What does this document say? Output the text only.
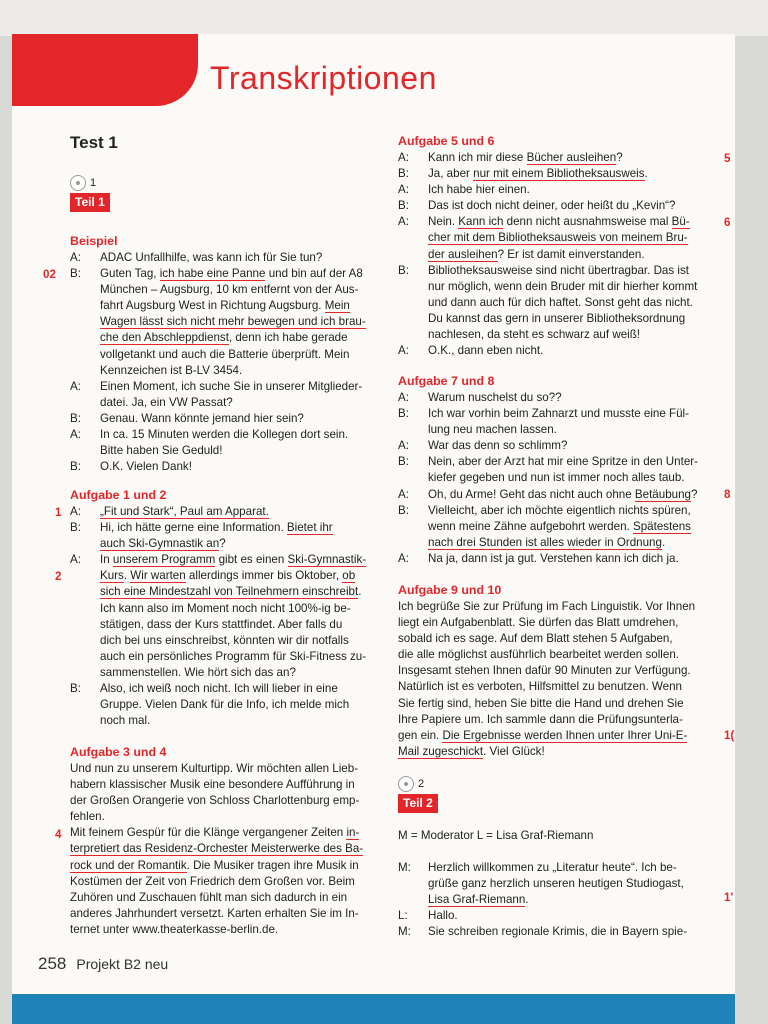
Transkriptionen
02
1
2
4
5
6
8
1(
1'
Test 1
1
Teil 1
Beispiel
A: ADAC Unfallhilfe, was kann ich für Sie tun?
B: Guten Tag, ich habe eine Panne und bin auf der A8
München – Augsburg, 10 km entfernt von der Aus-
fahrt Augsburg West in Richtung Augsburg. Mein
Wagen lässt sich nicht mehr bewegen und ich brau-
che den Abschleppdienst, denn ich habe gerade
vollgetankt und auch die Batterie überprüft. Mein
Kennzeichen ist B-LV 3454.
A: Einen Moment, ich suche Sie in unserer Mitglieder-
datei. Ja, ein VW Passat?
B: Genau. Wann könnte jemand hier sein?
A: In ca. 15 Minuten werden die Kollegen dort sein.
Bitte haben Sie Geduld!
B: O.K. Vielen Dank!
Aufgabe 1 und 2
A: „Fit und Stark“, Paul am Apparat.
B: Hi, ich hätte gerne eine Information. Bietet ihr
auch Ski-Gymnastik an?
A: In unserem Programm gibt es einen Ski-Gymnastik-
Kurs. Wir warten allerdings immer bis Oktober, ob
sich eine Mindestzahl von Teilnehmern einschreibt.
Ich kann also im Moment noch nicht 100%-ig be-
stätigen, dass der Kurs stattfindet. Aber falls du
dich bei uns einschreibst, könnten wir dir notfalls
auch ein persönliches Programm für Ski-Fitness zu-
sammenstellen. Wie hört sich das an?
B: Also, ich weiß noch nicht. Ich will lieber in eine
Gruppe. Vielen Dank für die Info, ich melde mich
noch mal.
Aufgabe 3 und 4
Und nun zu unserem Kulturtipp. Wir möchten allen Lieb-
habern klassischer Musik eine besondere Aufführung in
der Großen Orangerie von Schloss Charlottenburg emp-
fehlen.
Mit feinem Gespür für die Klänge vergangener Zeiten in-
terpretiert das Residenz-Orchester Meisterwerke des Ba-
rock und der Romantik. Die Musiker tragen ihre Musik in
Kostümen der Zeit von Friedrich dem Großen vor. Beim
Zuhören und Zuschauen fühlt man sich dadurch in ein
anderes Jahrhundert versetzt. Karten erhalten Sie im In-
ternet unter www.theaterkasse-berlin.de.
Aufgabe 5 und 6
A: Kann ich mir diese Bücher ausleihen?
B: Ja, aber nur mit einem Bibliotheksausweis.
A: Ich habe hier einen.
B: Das ist doch nicht deiner, oder heißt du „Kevin“?
A: Nein. Kann ich denn nicht ausnahmsweise mal Bü-
cher mit dem Bibliotheksausweis von meinem Bru-
der ausleihen? Er ist damit einverstanden.
B: Bibliotheksausweise sind nicht übertragbar. Das ist
nur möglich, wenn dein Bruder mit dir hierher kommt
und dann auch für dich haftet. Sonst geht das nicht.
Du kannst das gern in unserer Bibliotheksordnung
nachlesen, da steht es schwarz auf weiß!
A: O.K., dann eben nicht.
Aufgabe 7 und 8
A: Warum nuschelst du so??
B: Ich war vorhin beim Zahnarzt und musste eine Fül-
lung neu machen lassen.
A: War das denn so schlimm?
B: Nein, aber der Arzt hat mir eine Spritze in den Unter-
kiefer gegeben und nun ist immer noch alles taub.
A: Oh, du Arme! Geht das nicht auch ohne Betäubung?
B: Vielleicht, aber ich möchte eigentlich nichts spüren,
wenn meine Zähne aufgebohrt werden. Spätestens
nach drei Stunden ist alles wieder in Ordnung.
A: Na ja, dann ist ja gut. Verstehen kann ich dich ja.
Aufgabe 9 und 10
Ich begrüße Sie zur Prüfung im Fach Linguistik. Vor Ihnen
liegt ein Aufgabenblatt. Sie dürfen das Blatt umdrehen,
sobald ich es sage. Auf dem Blatt stehen 5 Aufgaben,
die alle möglichst ausführlich bearbeitet werden sollen.
Insgesamt stehen Ihnen dafür 90 Minuten zur Verfügung.
Natürlich ist es verboten, Hilfsmittel zu benutzen. Wenn
Sie fertig sind, heben Sie bitte die Hand und drehen Sie
Ihre Papiere um. Ich sammle dann die Prüfungsunterla-
gen ein. Die Ergebnisse werden Ihnen unter Ihrer Uni-E-
Mail zugeschickt. Viel Glück!
2
Teil 2
M = Moderator L = Lisa Graf-Riemann
M: Herzlich willkommen zu „Literatur heute“. Ich be-
grüße ganz herzlich unseren heutigen Studiogast,
Lisa Graf-Riemann.
L: Hallo.
M: Sie schreiben regionale Krimis, die in Bayern spie-
258 Projekt B2 neu
